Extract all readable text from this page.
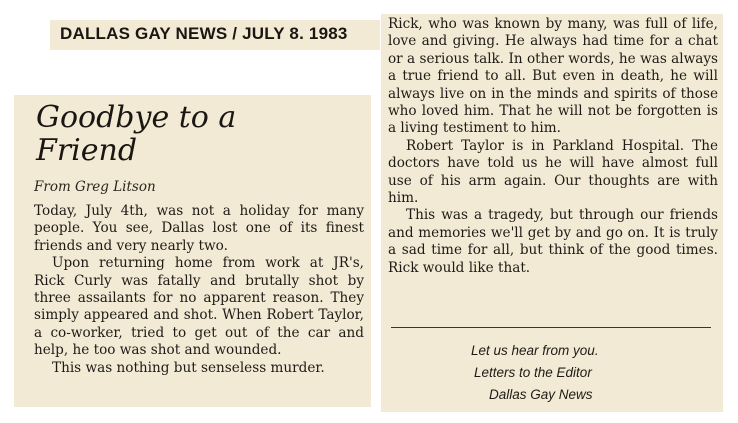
DALLAS GAY NEWS / JULY 8. 1983
Goodbye to a
Friend
From Greg Litson

Today, July 4th, was not a holiday for many people. You see, Dallas lost one of its finest friends and very nearly two.

Upon returning home from work at JR's, Rick Curly was fatally and brutally shot by three assailants for no apparent reason. They simply appeared and shot. When Robert Taylor, a co-worker, tried to get out of the car and help, he too was shot and wounded.

This was nothing but senseless murder.

Rick, who was known by many, was full of life, love and giving. He always had time for a chat or a serious talk. In other words, he was always a true friend to all. But even in death, he will always live on in the minds and spirits of those who loved him. That he will not be forgotten is a living testiment to him.

Robert Taylor is in Parkland Hospital. The doctors have told us he will have almost full use of his arm again. Our thoughts are with him.

This was a tragedy, but through our friends and memories we'll get by and go on. It is truly a sad time for all, but think of the good times. Rick would like that.

Let us hear from you.
Letters to the Editor
Dallas Gay News
